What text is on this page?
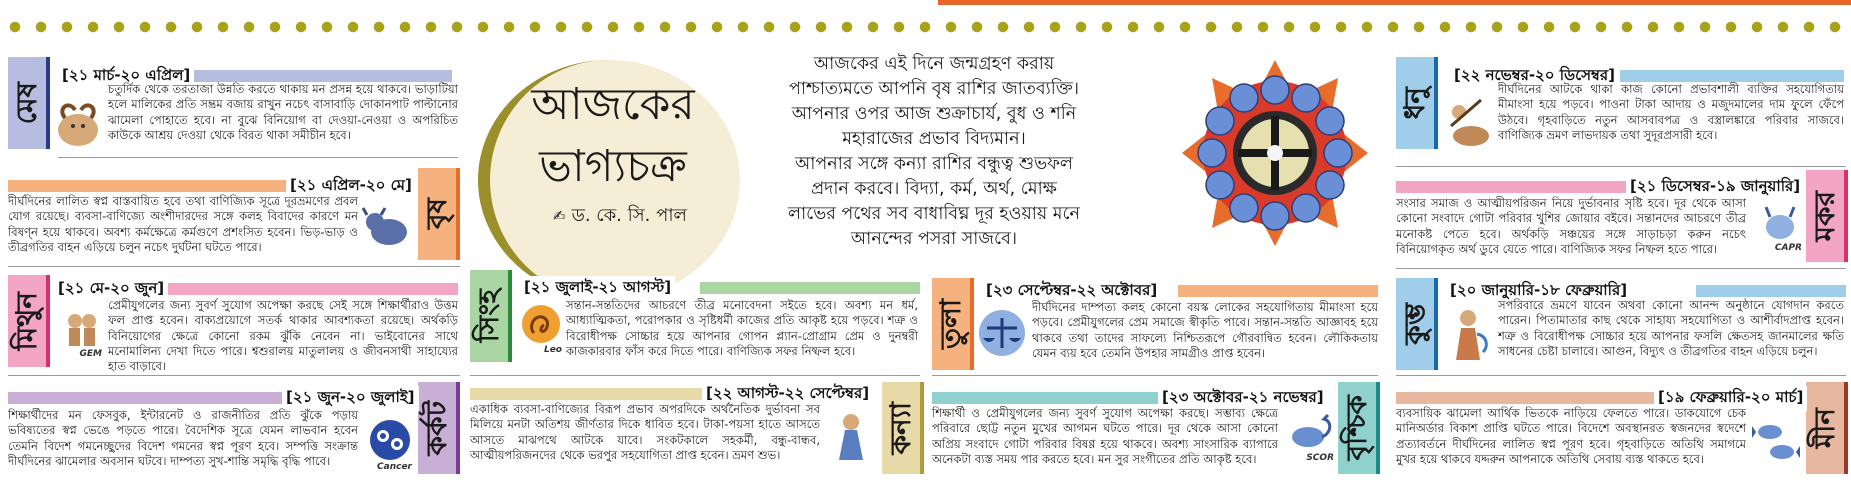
আজকের
ভাগ্যচক্র
✍ ড. কে. সি. পাল
আজকের এই দিনে জন্মগ্রহণ করায়
পাশ্চাত্যমতে আপনি বৃষ রাশির জাতব্যক্তি।
আপনার ওপর আজ শুক্রাচার্য, বুধ ও শনি
মহারাজের প্রভাব বিদ্যমান।
আপনার সঙ্গে কন্যা রাশির বন্ধুত্ব শুভফল
প্রদান করবে। বিদ্যা, কর্ম, অর্থ, মোক্ষ
লাভের পথের সব বাধাবিঘ্ন দূর হওয়ায় মনে
আনন্দের পসরা সাজবে।
মেষ
[২১ মার্চ-২০ এপ্রিল]
চতুর্দিক থেকে তরতাজা উন্নতি করতে থাকায় মন প্রসন্ন হয়ে থাকবে। ভাড়াটিয়া হলে মালিকের প্রতি সম্ভ্রম বজায় রাখুন নচেৎ বাসাবাড়ি দোকানপাট পাল্টানোর ঝামেলা পোহাতে হবে। না বুঝে বিনিয়োগ বা দেওয়া-নেওয়া ও অপরিচিত কাউকে আশ্রয় দেওয়া থেকে বিরত থাকা সমীচীন হবে।
বৃষ
[২১ এপ্রিল-২০ মে]
দীর্ঘদিনের লালিত স্বপ্ন বাস্তবায়িত হবে তথা বাণিজ্যিক সূত্রে দূরভ্রমণের প্রবল যোগ রয়েছে। ব্যবসা-বাণিজ্যে অংশীদারদের সঙ্গে কলহ বিবাদের কারণে মন বিষণ্ন হয়ে থাকবে। অবশ্য কর্মক্ষেত্রে কর্মগুণে প্রশংসিত হবেন। ভিড়-ভাড় ও তীব্রগতির বাহন এড়িয়ে চলুন নচেৎ দুর্ঘটনা ঘটতে পারে।
মিথুন
[২১ মে-২০ জুন]
GEM
প্রেমীযুগলের জন্য সুবর্ণ সুযোগ অপেক্ষা করছে সেই সঙ্গে শিক্ষার্থীরাও উত্তম ফল প্রাপ্ত হবেন। বাক্যপ্রয়োগে সতর্ক থাকার আবশ্যকতা রয়েছে। অর্থকড়ি বিনিয়োগের ক্ষেত্রে কোনো রকম ঝুঁকি নেবেন না। ভাইবোনের সাথে মনোমালিন্য দেখা দিতে পারে। শ্বশুরালয় মাতুলালয় ও জীবনসাথী সাহায্যের হাত বাড়াবে।
কর্কট
[২১ জুন-২০ জুলাই]
Cancer
শিক্ষার্থীদের মন ফেসবুক, ইন্টারনেট ও রাজনীতির প্রতি ঝুঁকে পড়ায় ভবিষ্যতের স্বপ্ন ভেঙে পড়তে পারে। বৈদেশিক সূত্রে যেমন লাভবান হবেন তেমনি বিদেশ গমনেচ্ছুদের বিদেশ গমনের স্বপ্ন পূরণ হবে। সম্পত্তি সংক্রান্ত দীর্ঘদিনের ঝামেলার অবসান ঘটবে। দাম্পত্য সুখ-শান্তি সমৃদ্ধি বৃদ্ধি পাবে।
সিংহ
[২১ জুলাই-২১ আগস্ট]
Leo
সন্তান-সন্ততিদের আচরণে তীব্র মনোবেদনা সইতে হবে। অবশ্য মন ধর্ম, আধ্যাত্মিকতা, পরোপকার ও সৃষ্টিধর্মী কাজের প্রতি আকৃষ্ট হয়ে পড়বে। শত্রু ও বিরোধীপক্ষ সোচ্চার হয়ে আপনার গোপন প্ল্যান-প্রোগ্রাম প্রেম ও দুনম্বরী কাজকারবার ফাঁস করে দিতে পারে। বাণিজ্যিক সফর নিষ্ফল হবে।
কন্যা
[২২ আগস্ট-২২ সেপ্টেম্বর]
একাধিক ব্যবসা-বাণিজ্যের বিরূপ প্রভাব অপরদিকে অর্থনৈতিক দুর্ভাবনা সব মিলিয়ে মনটা অতিশয় জীর্ণতার দিকে ধাবিত হবে। টাকা-পয়সা হাতে আসতে আসতে মাঝপথে আটকে যাবে। সংকটকালে সহকর্মী, বন্ধু-বান্ধব, আত্মীয়পরিজনদের থেকে ভরপুর সহযোগিতা প্রাপ্ত হবেন। ভ্রমণ শুভ।
তুলা
[২৩ সেপ্টেম্বর-২২ অক্টোবর]
দীর্ঘদিনের দাম্পত্য কলহ কোনো বয়স্ক লোকের সহযোগিতায় মীমাংসা হয়ে পড়বে। প্রেমীযুগলের প্রেম সমাজে স্বীকৃতি পাবে। সন্তান-সন্ততি আজ্ঞাবহ হয়ে থাকবে তথা তাদের সাফল্যে নিশ্চিতরূপে গৌরবান্বিত হবেন। লৌকিকতায় যেমন ব্যয় হবে তেমনি উপহার সামগ্রীও প্রাপ্ত হবেন।
বৃশ্চিক
[২৩ অক্টোবর-২১ নভেম্বর]
SCOR
শিক্ষার্থী ও প্রেমীযুগলের জন্য সুবর্ণ সুযোগ অপেক্ষা করছে। সম্ভাব্য ক্ষেত্রে পরিবারে ছোট্ট নতুন মুখের আগমন ঘটতে পারে। দূর থেকে আসা কোনো অপ্রিয় সংবাদে গোটা পরিবার বিষণ্ণ হয়ে থাকবে। অবশ্য সাংসারিক ব্যাপারে অনেকটা ব্যস্ত সময় পার করতে হবে। মন সুর সংগীতের প্রতি আকৃষ্ট হবে।
ধনু
[২২ নভেম্বর-২০ ডিসেম্বর]
দীর্ঘদিনের আটকে থাকা কাজ কোনো প্রভাবশালী ব্যক্তির সহযোগিতায় মীমাংসা হয়ে পড়বে। পাওনা টাকা আদায় ও মজুদমালের দাম ফুলে ফেঁপে উঠবে। গৃহবাড়িতে নতুন আসবাবপত্র ও বস্ত্রালঙ্কারে পরিবার সাজবে। বাণিজ্যিক ভ্রমণ লাভদায়ক তথা সুদূরপ্রসারী হবে।
মকর
[২১ ডিসেম্বর-১৯ জানুয়ারি]
CAPR
সংসার সমাজ ও আত্মীয়পরিজন নিয়ে দুর্ভাবনার সৃষ্টি হবে। দূর থেকে আসা কোনো সংবাদে গোটা পরিবার খুশির জোয়ার বইবে। সন্তানদের আচরণে তীব্র মনোকষ্ট পেতে হবে। অর্থকড়ি সঞ্চয়ের সঙ্গে সাড়াচড়া করুন নচেৎ বিনিয়োগকৃত অর্থ ডুবে যেতে পারে। বাণিজ্যিক সফর নিষ্ফল হতে পারে।
কুম্ভ
[২০ জানুয়ারি-১৮ ফেব্রুয়ারি]
সপরিবারে ভ্রমণে যাবেন অথবা কোনো আনন্দ অনুষ্ঠানে যোগদান করতে পারেন। পিতামাতার কাছ থেকে সাহায্য সহযোগিতা ও আশীর্বাদপ্রাপ্ত হবেন। শত্রু ও বিরোধীপক্ষ সোচ্চার হয়ে আপনার ফসলি ক্ষেতসহ জানমালের ক্ষতি সাধনের চেষ্টা চালাবে। আগুন, বিদ্যুৎ ও তীব্রগতির বাহন এড়িয়ে চলুন।
মীন
[১৯ ফেব্রুয়ারি-২০ মার্চ]
ব্যবসায়িক ঝামেলা আর্থিক ভিতকে নাড়িয়ে ফেলতে পারে। ডাকযোগে চেক মানিঅর্ডার বিকাশ প্রাপ্তি ঘটতে পারে। বিদেশে অবস্থানরত স্বজনদের স্বদেশে প্রত্যাবর্তনে দীর্ঘদিনের লালিত স্বপ্ন পূরণ হবে। গৃহবাড়িতে অতিথি সমাগমে মুখর হয়ে থাকবে যদ্দরুন আপনাকে অতিথি সেবায় ব্যস্ত থাকতে হবে।
